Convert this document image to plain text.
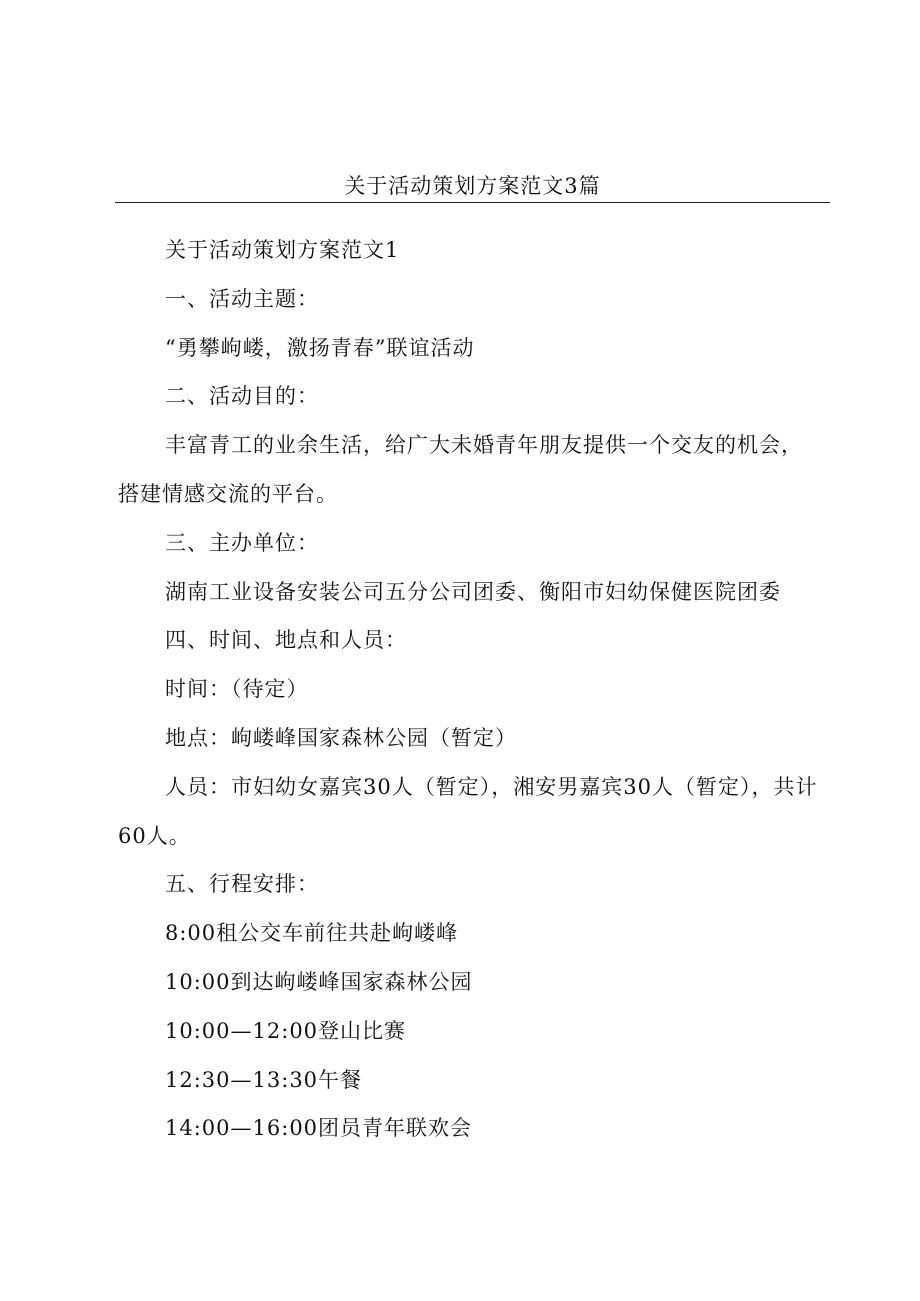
关于活动策划方案范文3篇

关于活动策划方案范文1

一、活动主题：

“勇攀岣嵝，激扬青春”联谊活动

二、活动目的：

丰富青工的业余生活，给广大未婚青年朋友提供一个交友的机会，搭建情感交流的平台。

三、主办单位：

湖南工业设备安装公司五分公司团委、衡阳市妇幼保健医院团委

四、时间、地点和人员：

时间：（待定）

地点：岣嵝峰国家森林公园（暂定）

人员：市妇幼女嘉宾30人（暂定），湘安男嘉宾30人（暂定），共计60人。

五、行程安排：

8:00租公交车前往共赴岣嵝峰

10:00到达岣嵝峰国家森林公园

10:00—12:00登山比赛

12:30—13:30午餐

14:00—16:00团员青年联欢会
